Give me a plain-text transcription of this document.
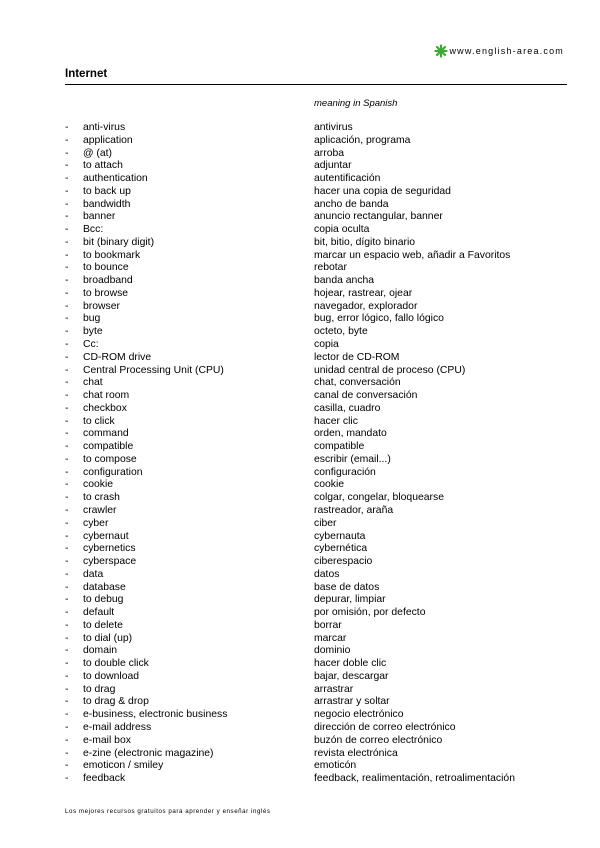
www.english-area.com
Internet
meaning in Spanish
-	anti-virus	antivirus
-	application	aplicación, programa
-	@ (at)	arroba
-	to attach	adjuntar
-	authentication	autentificación
-	to back up	hacer una copia de seguridad
-	bandwidth	ancho de banda
-	banner	anuncio rectangular, banner
-	Bcc:	copia oculta
-	bit (binary digit)	bit, bitio, dígito binario
-	to bookmark	marcar un espacio web, añadir a Favoritos
-	to bounce	rebotar
-	broadband	banda ancha
-	to browse	hojear, rastrear, ojear
-	browser	navegador, explorador
-	bug	bug, error lógico, fallo lógico
-	byte	octeto, byte
-	Cc:	copia
-	CD-ROM drive	lector de CD-ROM
-	Central Processing Unit (CPU)	unidad central de proceso (CPU)
-	chat	chat, conversación
-	chat room	canal de conversación
-	checkbox	casilla, cuadro
-	to click	hacer clic
-	command	orden, mandato
-	compatible	compatible
-	to compose	escribir (email...)
-	configuration	configuración
-	cookie	cookie
-	to crash	colgar, congelar, bloquearse
-	crawler	rastreador, araña
-	cyber	ciber
-	cybernaut	cybernauta
-	cybernetics	cybernética
-	cyberspace	ciberespacio
-	data	datos
-	database	base de datos
-	to debug	depurar, limpiar
-	default	por omisión, por defecto
-	to delete	borrar
-	to dial (up)	marcar
-	domain	dominio
-	to double click	hacer doble clic
-	to download	bajar, descargar
-	to drag	arrastrar
-	to drag & drop	arrastrar y soltar
-	e-business, electronic business	negocio electrónico
-	e-mail address	dirección de correo electrónico
-	e-mail box	buzón de correo electrónico
-	e-zine (electronic magazine)	revista electrónica
-	emoticon / smiley	emoticón
-	feedback	feedback, realimentación, retroalimentación
Los mejores recursos gratuitos para aprender y enseñar inglés
